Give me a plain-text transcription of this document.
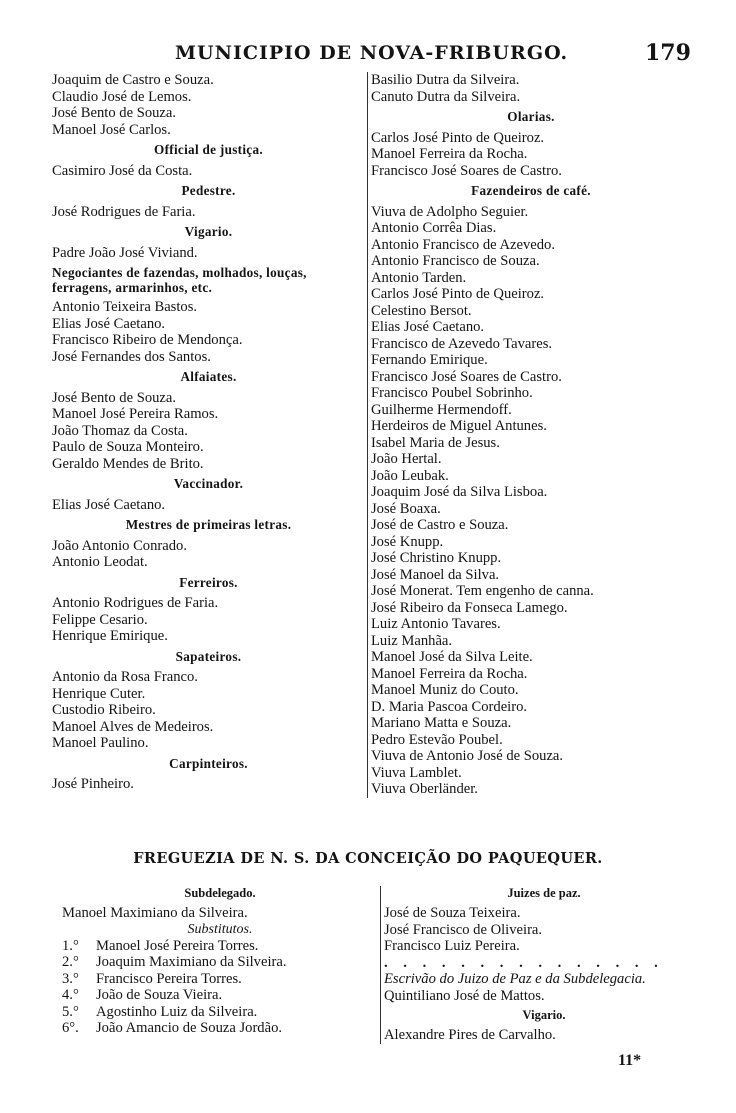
MUNICIPIO DE NOVA-FRIBURGO.	179
Joaquim de Castro e Souza.
Claudio José de Lemos.
José Bento de Souza.
Manoel José Carlos.
Official de justiça.
Casimiro José da Costa.
Pedestre.
José Rodrigues de Faria.
Vigario.
Padre João José Viviand.
Negociantes de fazendas, molhados, louças, ferragens, armarinhos, etc.
Antonio Teixeira Bastos.
Elias José Caetano.
Francisco Ribeiro de Mendonça.
José Fernandes dos Santos.
Alfaiates.
José Bento de Souza.
Manoel José Pereira Ramos.
João Thomaz da Costa.
Paulo de Souza Monteiro.
Geraldo Mendes de Brito.
Vaccinador.
Elias José Caetano.
Mestres de primeiras letras.
João Antonio Conrado.
Antonio Leodat.
Ferreiros.
Antonio Rodrigues de Faria.
Felippe Cesario.
Henrique Emirique.
Sapateiros.
Antonio da Rosa Franco.
Henrique Cuter.
Custodio Ribeiro.
Manoel Alves de Medeiros.
Manoel Paulino.
Carpinteiros.
José Pinheiro.
Basilio Dutra da Silveira.
Canuto Dutra da Silveira.
Olarias.
Carlos José Pinto de Queiroz.
Manoel Ferreira da Rocha.
Francisco José Soares de Castro.
Fazendeiros de café.
Viuva de Adolpho Seguier.
Antonio Corrêa Dias.
Antonio Francisco de Azevedo.
Antonio Francisco de Souza.
Antonio Tarden.
Carlos José Pinto de Queiroz.
Celestino Bersot.
Elias José Caetano.
Francisco de Azevedo Tavares.
Fernando Emirique.
Francisco José Soares de Castro.
Francisco Poubel Sobrinho.
Guilherme Hermendoff.
Herdeiros de Miguel Antunes.
Isabel Maria de Jesus.
João Hertal.
João Leubak.
Joaquim José da Silva Lisboa.
José Boaxa.
José de Castro e Souza.
José Knupp.
José Christino Knupp.
José Manoel da Silva.
José Monerat. Tem engenho de canna.
José Ribeiro da Fonseca Lamego.
Luiz Antonio Tavares.
Luiz Manhãa.
Manoel José da Silva Leite.
Manoel Ferreira da Rocha.
Manoel Muniz do Couto.
D. Maria Pascoa Cordeiro.
Mariano Matta e Souza.
Pedro Estevão Poubel.
Viuva de Antonio José de Souza.
Viuva Lamblet.
Viuva Oberländer.
FREGUEZIA DE N. S. DA CONCEIÇÃO DO PAQUEQUER.
Subdelegado.
Manoel Maximiano da Silveira.
Substitutos.
1.° Manoel José Pereira Torres.
2.° Joaquim Maximiano da Silveira.
3.° Francisco Pereira Torres.
4.° João de Souza Vieira.
5.° Agostinho Luiz da Silveira.
6°. João Amancio de Souza Jordão.
Juizes de paz.
José de Souza Teixeira.
José Francisco de Oliveira.
Francisco Luiz Pereira.
. . . . . . . . . . . . . . .
Escrivão do Juizo de Paz e da Subdelegacia.
Quintiliano José de Mattos.
Vigario.
Alexandre Pires de Carvalho.
11*
